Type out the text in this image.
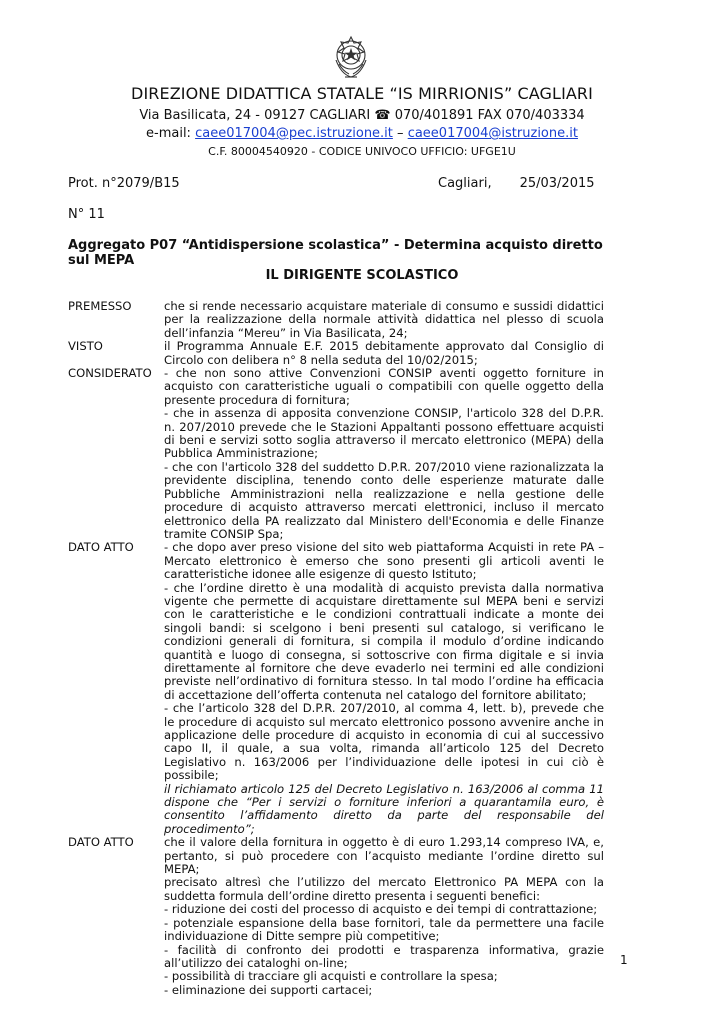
DIREZIONE DIDATTICA STATALE “IS MIRRIONIS” CAGLIARI
Via Basilicata, 24 - 09127 CAGLIARI ☎ 070/401891 FAX 070/403334
e-mail: caee017004@pec.istruzione.it – caee017004@istruzione.it
C.F. 80004540920 - CODICE UNIVOCO UFFICIO: UFGE1U
Prot. n°2079/B15	Cagliari, 25/03/2015
N° 11
Aggregato P07 “Antidispersione scolastica” - Determina acquisto diretto sul MEPA
IL DIRIGENTE SCOLASTICO
PREMESSO	che si rende necessario acquistare materiale di consumo e sussidi didattici per la realizzazione della normale attività didattica nel plesso di scuola dell’infanzia “Mereu” in Via Basilicata, 24;

VISTO	il Programma Annuale E.F. 2015 debitamente approvato dal Consiglio di Circolo con delibera n° 8 nella seduta del 10/02/2015;

CONSIDERATO	- che non sono attive Convenzioni CONSIP aventi oggetto forniture in acquisto con caratteristiche uguali o compatibili con quelle oggetto della presente procedura di fornitura;

- che in assenza di apposita convenzione CONSIP, l'articolo 328 del D.P.R. n. 207/2010 prevede che le Stazioni Appaltanti possono effettuare acquisti di beni e servizi sotto soglia attraverso il mercato elettronico (MEPA) della Pubblica Amministrazione;

- che con l'articolo 328 del suddetto D.P.R. 207/2010 viene razionalizzata la previdente disciplina, tenendo conto delle esperienze maturate dalle Pubbliche Amministrazioni nella realizzazione e nella gestione delle procedure di acquisto attraverso mercati elettronici, incluso il mercato elettronico della PA realizzato dal Ministero dell'Economia e delle Finanze tramite CONSIP Spa;

DATO ATTO	- che dopo aver preso visione del sito web piattaforma Acquisti in rete PA – Mercato elettronico è emerso che sono presenti gli articoli aventi le caratteristiche idonee alle esigenze di questo Istituto;

- che l’ordine diretto è una modalità di acquisto prevista dalla normativa vigente che permette di acquistare direttamente sul MEPA beni e servizi con le caratteristiche e le condizioni contrattuali indicate a monte dei singoli bandi: si scelgono i beni presenti sul catalogo, si verificano le condizioni generali di fornitura, si compila il modulo d’ordine indicando quantità e luogo di consegna, si sottoscrive con firma digitale e si invia direttamente al fornitore che deve evaderlo nei termini ed alle condizioni previste nell’ordinativo di fornitura stesso. In tal modo l’ordine ha efficacia di accettazione dell’offerta contenuta nel catalogo del fornitore abilitato;

- che l’articolo 328 del D.P.R. 207/2010, al comma 4, lett. b), prevede che le procedure di acquisto sul mercato elettronico possono avvenire anche in applicazione delle procedure di acquisto in economia di cui al successivo capo II, il quale, a sua volta, rimanda all’articolo 125 del Decreto Legislativo n. 163/2006 per l’individuazione delle ipotesi in cui ciò è possibile;

il richiamato articolo 125 del Decreto Legislativo n. 163/2006 al comma 11 dispone che “Per i servizi o forniture inferiori a quarantamila euro, è consentito l’affidamento diretto da parte del responsabile del procedimento”;

DATO ATTO	che il valore della fornitura in oggetto è di euro 1.293,14 compreso IVA, e, pertanto, si può procedere con l’acquisto mediante l’ordine diretto sul MEPA;

precisato altresì che l’utilizzo del mercato Elettronico PA MEPA con la suddetta formula dell’ordine diretto presenta i seguenti benefici:

- riduzione dei costi del processo di acquisto e dei tempi di contrattazione;

- potenziale espansione della base fornitori, tale da permettere una facile individuazione di Ditte sempre più competitive;

- facilità di confronto dei prodotti e trasparenza informativa, grazie all’utilizzo dei cataloghi on-line;

- possibilità di tracciare gli acquisti e controllare la spesa;

- eliminazione dei supporti cartacei;

1
